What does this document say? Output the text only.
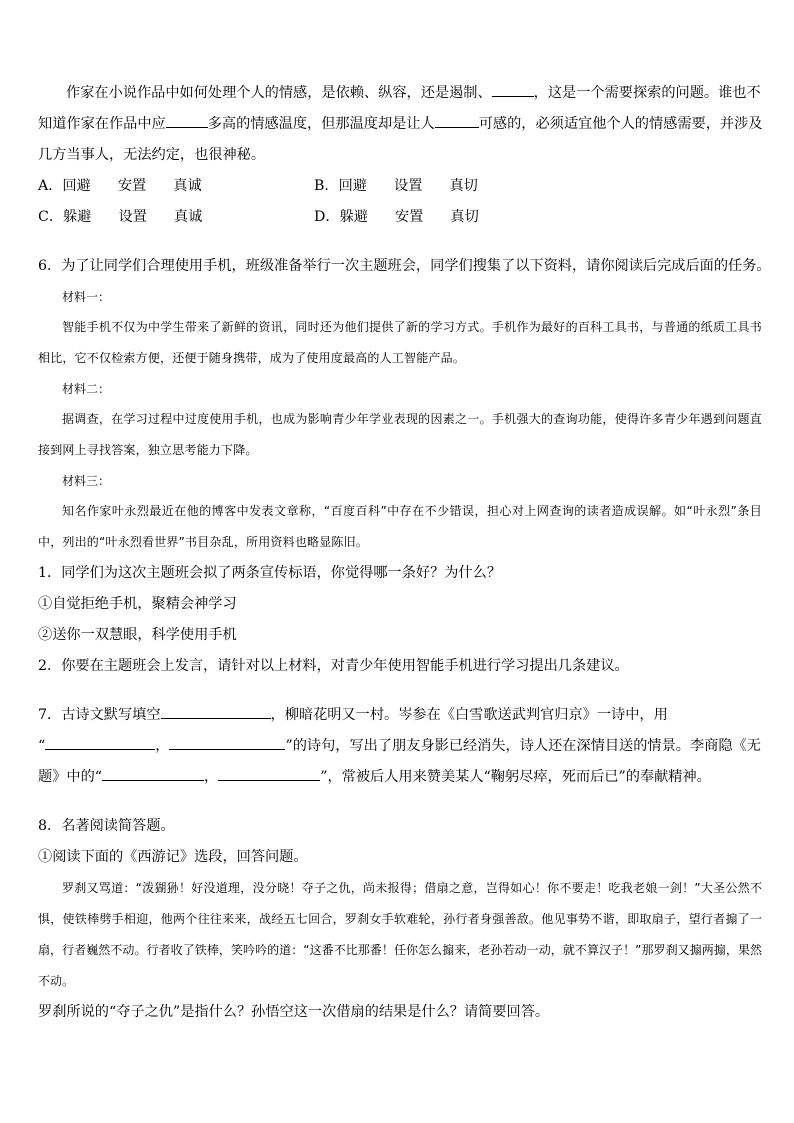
作家在小说作品中如何处理个人的情感，是依赖、纵容，还是遏制、	，这是一个需要探索的问题。谁也不

知道作家在作品中应	多高的情感温度，但那温度却是让人	可感的，必须适宜他个人的情感需要，并涉及

几方当事人，无法约定，也很神秘。

A．回避      安置      真诚	B．回避      设置      真切
C．躲避      设置      真诚	D．躲避      安置      真切

6．为了让同学们合理使用手机，班级准备举行一次主题班会，同学们搜集了以下资料，请你阅读后完成后面的任务。

材料一：

智能手机不仅为中学生带来了新鲜的资讯，同时还为他们提供了新的学习方式。手机作为最好的百科工具书，与普通的纸质工具书相比，它不仅检索方便，还便于随身携带，成为了使用度最高的人工智能产品。

材料二：

据调查，在学习过程中过度使用手机，也成为影响青少年学业表现的因素之一。手机强大的查询功能，使得许多青少年遇到问题直接到网上寻找答案，独立思考能力下降。

材料三：

知名作家叶永烈最近在他的博客中发表文章称，“百度百科”中存在不少错误，担心对上网查询的读者造成误解。如“叶永烈”条目中，列出的“叶永烈看世界”书目杂乱，所用资料也略显陈旧。

1．同学们为这次主题班会拟了两条宣传标语，你觉得哪一条好？为什么？

①自觉拒绝手机，聚精会神学习

②送你一双慧眼，科学使用手机

2．你要在主题班会上发言，请针对以上材料，对青少年使用智能手机进行学习提出几条建议。

7．古诗文默写填空	，柳暗花明又一村。岑参在《白雪歌送武判官归京》一诗中，用

“	，	”的诗句，写出了朋友身影已经消失，诗人还在深情目送的情景。李商隐《无

题》中的“	，	”，常被后人用来赞美某人“鞠躬尽瘁，死而后已”的奉献精神。

8．名著阅读简答题。

①阅读下面的《西游记》选段，回答问题。

罗刹又骂道：“泼猢狲！好没道理，没分晓！夺子之仇，尚未报得；借扇之意，岂得如心！你不要走！吃我老娘一剑！”大圣公然不惧，使铁棒劈手相迎，他两个往往来来，战经五七回合，罗刹女手软难轮，孙行者身强善敌。他见事势不谐，即取扇子，望行者搧了一扇，行者巍然不动。行者收了铁棒，笑吟吟的道：“这番不比那番！任你怎么搧来，老孙若动一动，就不算汉子！”那罗刹又搧两搧，果然不动。

罗刹所说的“夺子之仇”是指什么？孙悟空这一次借扇的结果是什么？请简要回答。
